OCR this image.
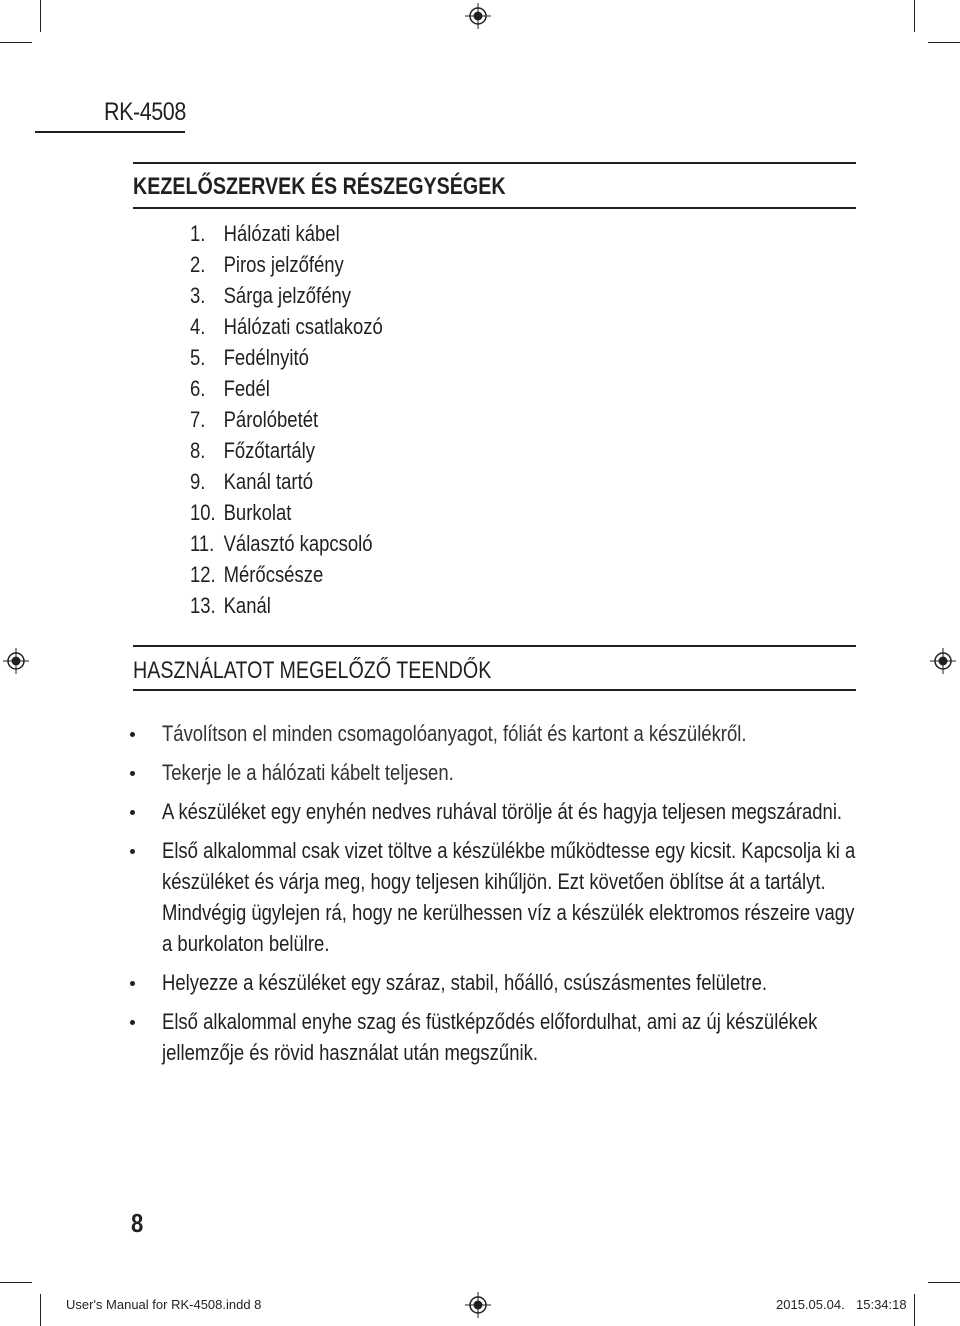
RK-4508
KEZELŐSZERVEK ÉS RÉSZEGYSÉGEK
1. Hálózati kábel
2. Piros jelzőfény
3. Sárga jelzőfény
4. Hálózati csatlakozó
5. Fedélnyitó
6. Fedél
7. Párolóbetét
8. Főzőtartály
9. Kanál tartó
10. Burkolat
11. Választó kapcsoló
12. Mérőcsésze
13. Kanál
HASZNÁLATOT MEGELŐZŐ TEENDŐK
Távolítson el minden csomagolóanyagot, fóliát és kartont a készülékről.
Tekerje le a hálózati kábelt teljesen.
A készüléket egy enyhén nedves ruhával törölje át és hagyja teljesen megszáradni.
Első alkalommal csak vizet töltve a készülékbe működtesse egy kicsit. Kapcsolja ki a készüléket és várja meg, hogy teljesen kihűljön. Ezt követően öblítse át a tartályt. Mindvégig ügylejen rá, hogy ne kerülhessen víz a készülék elektromos részeire vagy a burkolaton belülre.
Helyezze a készüléket egy száraz, stabil, hőálló, csúszásmentes felületre.
Első alkalommal enyhe szag és füstképződés előfordulhat, ami az új készülékek jellemzője és rövid használat után megszűnik.
8
User's Manual for RK-4508.indd 8	2015.05.04. 15:34:18
